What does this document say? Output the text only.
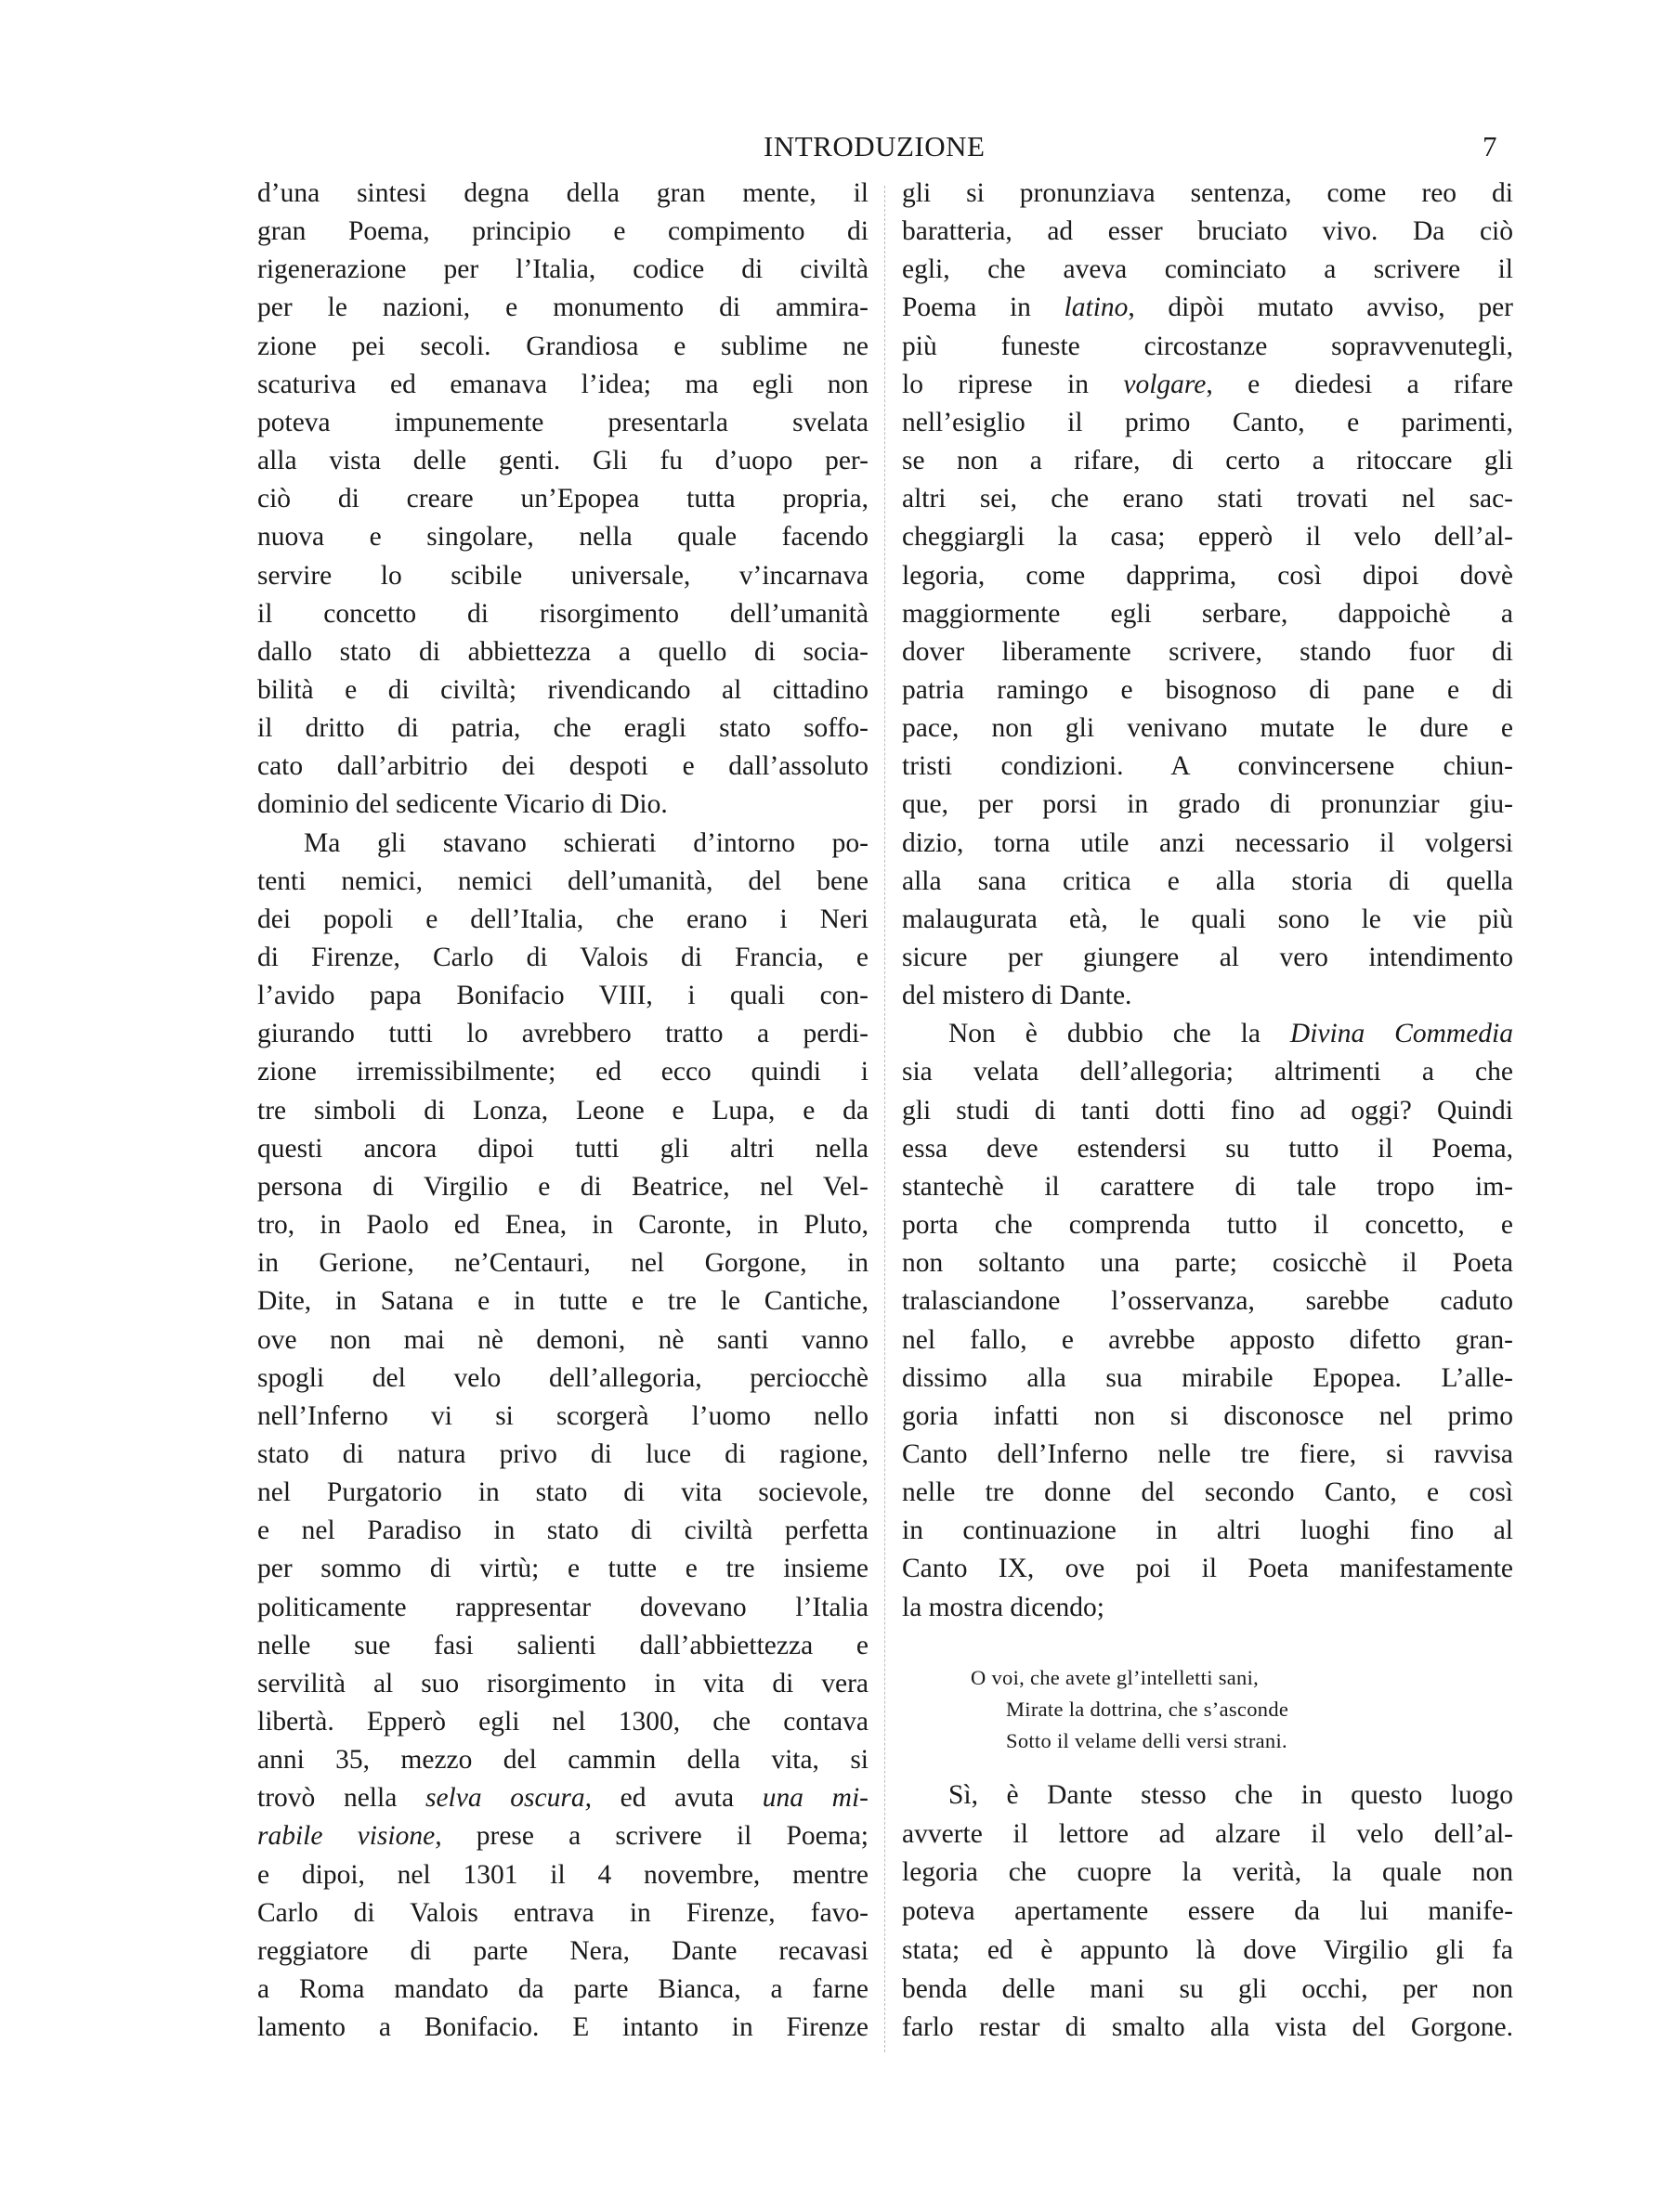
INTRODUZIONE	7
d’una sintesi degna della gran mente, il
gran Poema, principio e compimento di
rigenerazione per l’Italia, codice di civiltà
per le nazioni, e monumento di ammira-
zione pei secoli. Grandiosa e sublime ne
scaturiva ed emanava l’idea; ma egli non
poteva impunemente presentarla svelata
alla vista delle genti. Gli fu d’uopo per-
ciò di creare un’Epopea tutta propria,
nuova e singolare, nella quale facendo
servire lo scibile universale, v’incarnava
il concetto di risorgimento dell’umanità
dallo stato di abbiettezza a quello di socia-
bilità e di civiltà; rivendicando al cittadino
il dritto di patria, che eragli stato soffo-
cato dall’arbitrio dei despoti e dall’assoluto
dominio del sedicente Vicario di Dio.
Ma gli stavano schierati d’intorno po-
tenti nemici, nemici dell’umanità, del bene
dei popoli e dell’Italia, che erano i Neri
di Firenze, Carlo di Valois di Francia, e
l’avido papa Bonifacio VIII, i quali con-
giurando tutti lo avrebbero tratto a perdi-
zione irremissibilmente; ed ecco quindi i
tre simboli di Lonza, Leone e Lupa, e da
questi ancora dipoi tutti gli altri nella
persona di Virgilio e di Beatrice, nel Vel-
tro, in Paolo ed Enea, in Caronte, in Pluto,
in Gerione, ne’Centauri, nel Gorgone, in
Dite, in Satana e in tutte e tre le Cantiche,
ove non mai nè demoni, nè santi vanno
spogli del velo dell’allegoria, perciocchè
nell’Inferno vi si scorgerà l’uomo nello
stato di natura privo di luce di ragione,
nel Purgatorio in stato di vita socievole,
e nel Paradiso in stato di civiltà perfetta
per sommo di virtù; e tutte e tre insieme
politicamente rappresentar dovevano l’Italia
nelle sue fasi salienti dall’abbiettezza e
servilità al suo risorgimento in vita di vera
libertà. Epperò egli nel 1300, che contava
anni 35, mezzo del cammin della vita, si
trovò nella selva oscura, ed avuta una mi-
rabile visione, prese a scrivere il Poema;
e dipoi, nel 1301 il 4 novembre, mentre
Carlo di Valois entrava in Firenze, favo-
reggiatore di parte Nera, Dante recavasi
a Roma mandato da parte Bianca, a farne
lamento a Bonifacio. E intanto in Firenze
gli si pronunziava sentenza, come reo di
baratteria, ad esser bruciato vivo. Da ciò
egli, che aveva cominciato a scrivere il
Poema in latino, dipòi mutato avviso, per
più funeste circostanze sopravvenutegli,
lo riprese in volgare, e diedesi a rifare
nell’esiglio il primo Canto, e parimenti,
se non a rifare, di certo a ritoccare gli
altri sei, che erano stati trovati nel sac-
cheggiargli la casa; epperò il velo dell’al-
legoria, come dapprima, così dipoi dovè
maggiormente egli serbare, dappoichè a
dover liberamente scrivere, stando fuor di
patria ramingo e bisognoso di pane e di
pace, non gli venivano mutate le dure e
tristi condizioni. A convincersene chiun-
que, per porsi in grado di pronunziar giu-
dizio, torna utile anzi necessario il volgersi
alla sana critica e alla storia di quella
malaugurata età, le quali sono le vie più
sicure per giungere al vero intendimento
del mistero di Dante.
Non è dubbio che la Divina Commedia
sia velata dell’allegoria; altrimenti a che
gli studi di tanti dotti fino ad oggi? Quindi
essa deve estendersi su tutto il Poema,
stantechè il carattere di tale tropo im-
porta che comprenda tutto il concetto, e
non soltanto una parte; cosicchè il Poeta
tralasciandone l’osservanza, sarebbe caduto
nel fallo, e avrebbe apposto difetto gran-
dissimo alla sua mirabile Epopea. L’alle-
goria infatti non si disconosce nel primo
Canto dell’Inferno nelle tre fiere, si ravvisa
nelle tre donne del secondo Canto, e così
in continuazione in altri luoghi fino al
Canto IX, ove poi il Poeta manifestamente
la mostra dicendo;
O voi, che avete gl’intelletti sani,
Mirate la dottrina, che s’asconde
Sotto il velame delli versi strani.
Sì, è Dante stesso che in questo luogo
avverte il lettore ad alzare il velo dell’al-
legoria che cuopre la verità, la quale non
poteva apertamente essere da lui manife-
stata; ed è appunto là dove Virgilio gli fa
benda delle mani su gli occhi, per non
farlo restar di smalto alla vista del Gorgone.
